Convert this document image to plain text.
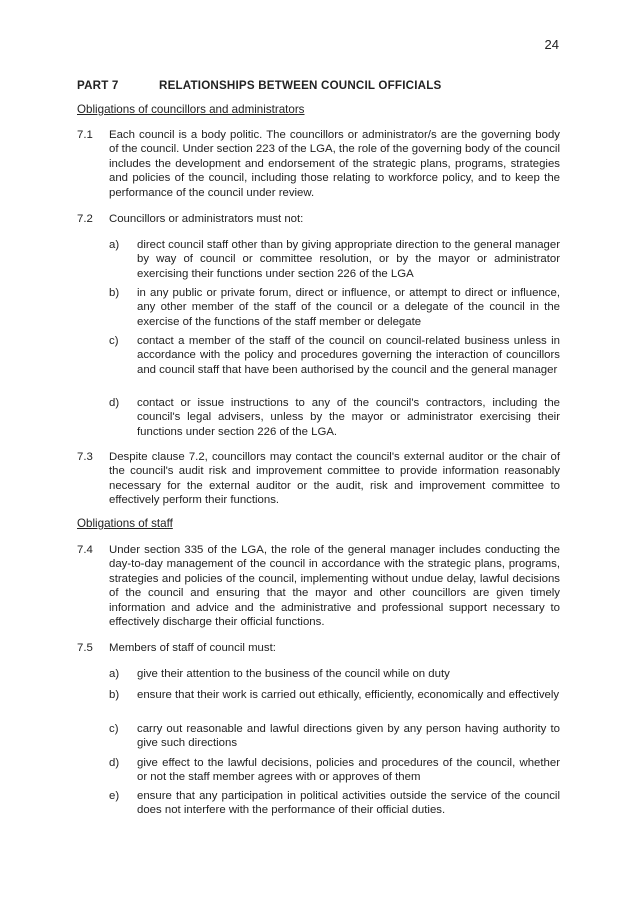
24
PART 7	RELATIONSHIPS BETWEEN COUNCIL OFFICIALS
Obligations of councillors and administrators
7.1 Each council is a body politic. The councillors or administrator/s are the governing body of the council. Under section 223 of the LGA, the role of the governing body of the council includes the development and endorsement of the strategic plans, programs, strategies and policies of the council, including those relating to workforce policy, and to keep the performance of the council under review.
7.2 Councillors or administrators must not:
a) direct council staff other than by giving appropriate direction to the general manager by way of council or committee resolution, or by the mayor or administrator exercising their functions under section 226 of the LGA
b) in any public or private forum, direct or influence, or attempt to direct or influence, any other member of the staff of the council or a delegate of the council in the exercise of the functions of the staff member or delegate
c) contact a member of the staff of the council on council-related business unless in accordance with the policy and procedures governing the interaction of councillors and council staff that have been authorised by the council and the general manager
d) contact or issue instructions to any of the council's contractors, including the council's legal advisers, unless by the mayor or administrator exercising their functions under section 226 of the LGA.
7.3 Despite clause 7.2, councillors may contact the council's external auditor or the chair of the council's audit risk and improvement committee to provide information reasonably necessary for the external auditor or the audit, risk and improvement committee to effectively perform their functions.
Obligations of staff
7.4 Under section 335 of the LGA, the role of the general manager includes conducting the day-to-day management of the council in accordance with the strategic plans, programs, strategies and policies of the council, implementing without undue delay, lawful decisions of the council and ensuring that the mayor and other councillors are given timely information and advice and the administrative and professional support necessary to effectively discharge their official functions.
7.5 Members of staff of council must:
a) give their attention to the business of the council while on duty
b) ensure that their work is carried out ethically, efficiently, economically and effectively
c) carry out reasonable and lawful directions given by any person having authority to give such directions
d) give effect to the lawful decisions, policies and procedures of the council, whether or not the staff member agrees with or approves of them
e) ensure that any participation in political activities outside the service of the council does not interfere with the performance of their official duties.
